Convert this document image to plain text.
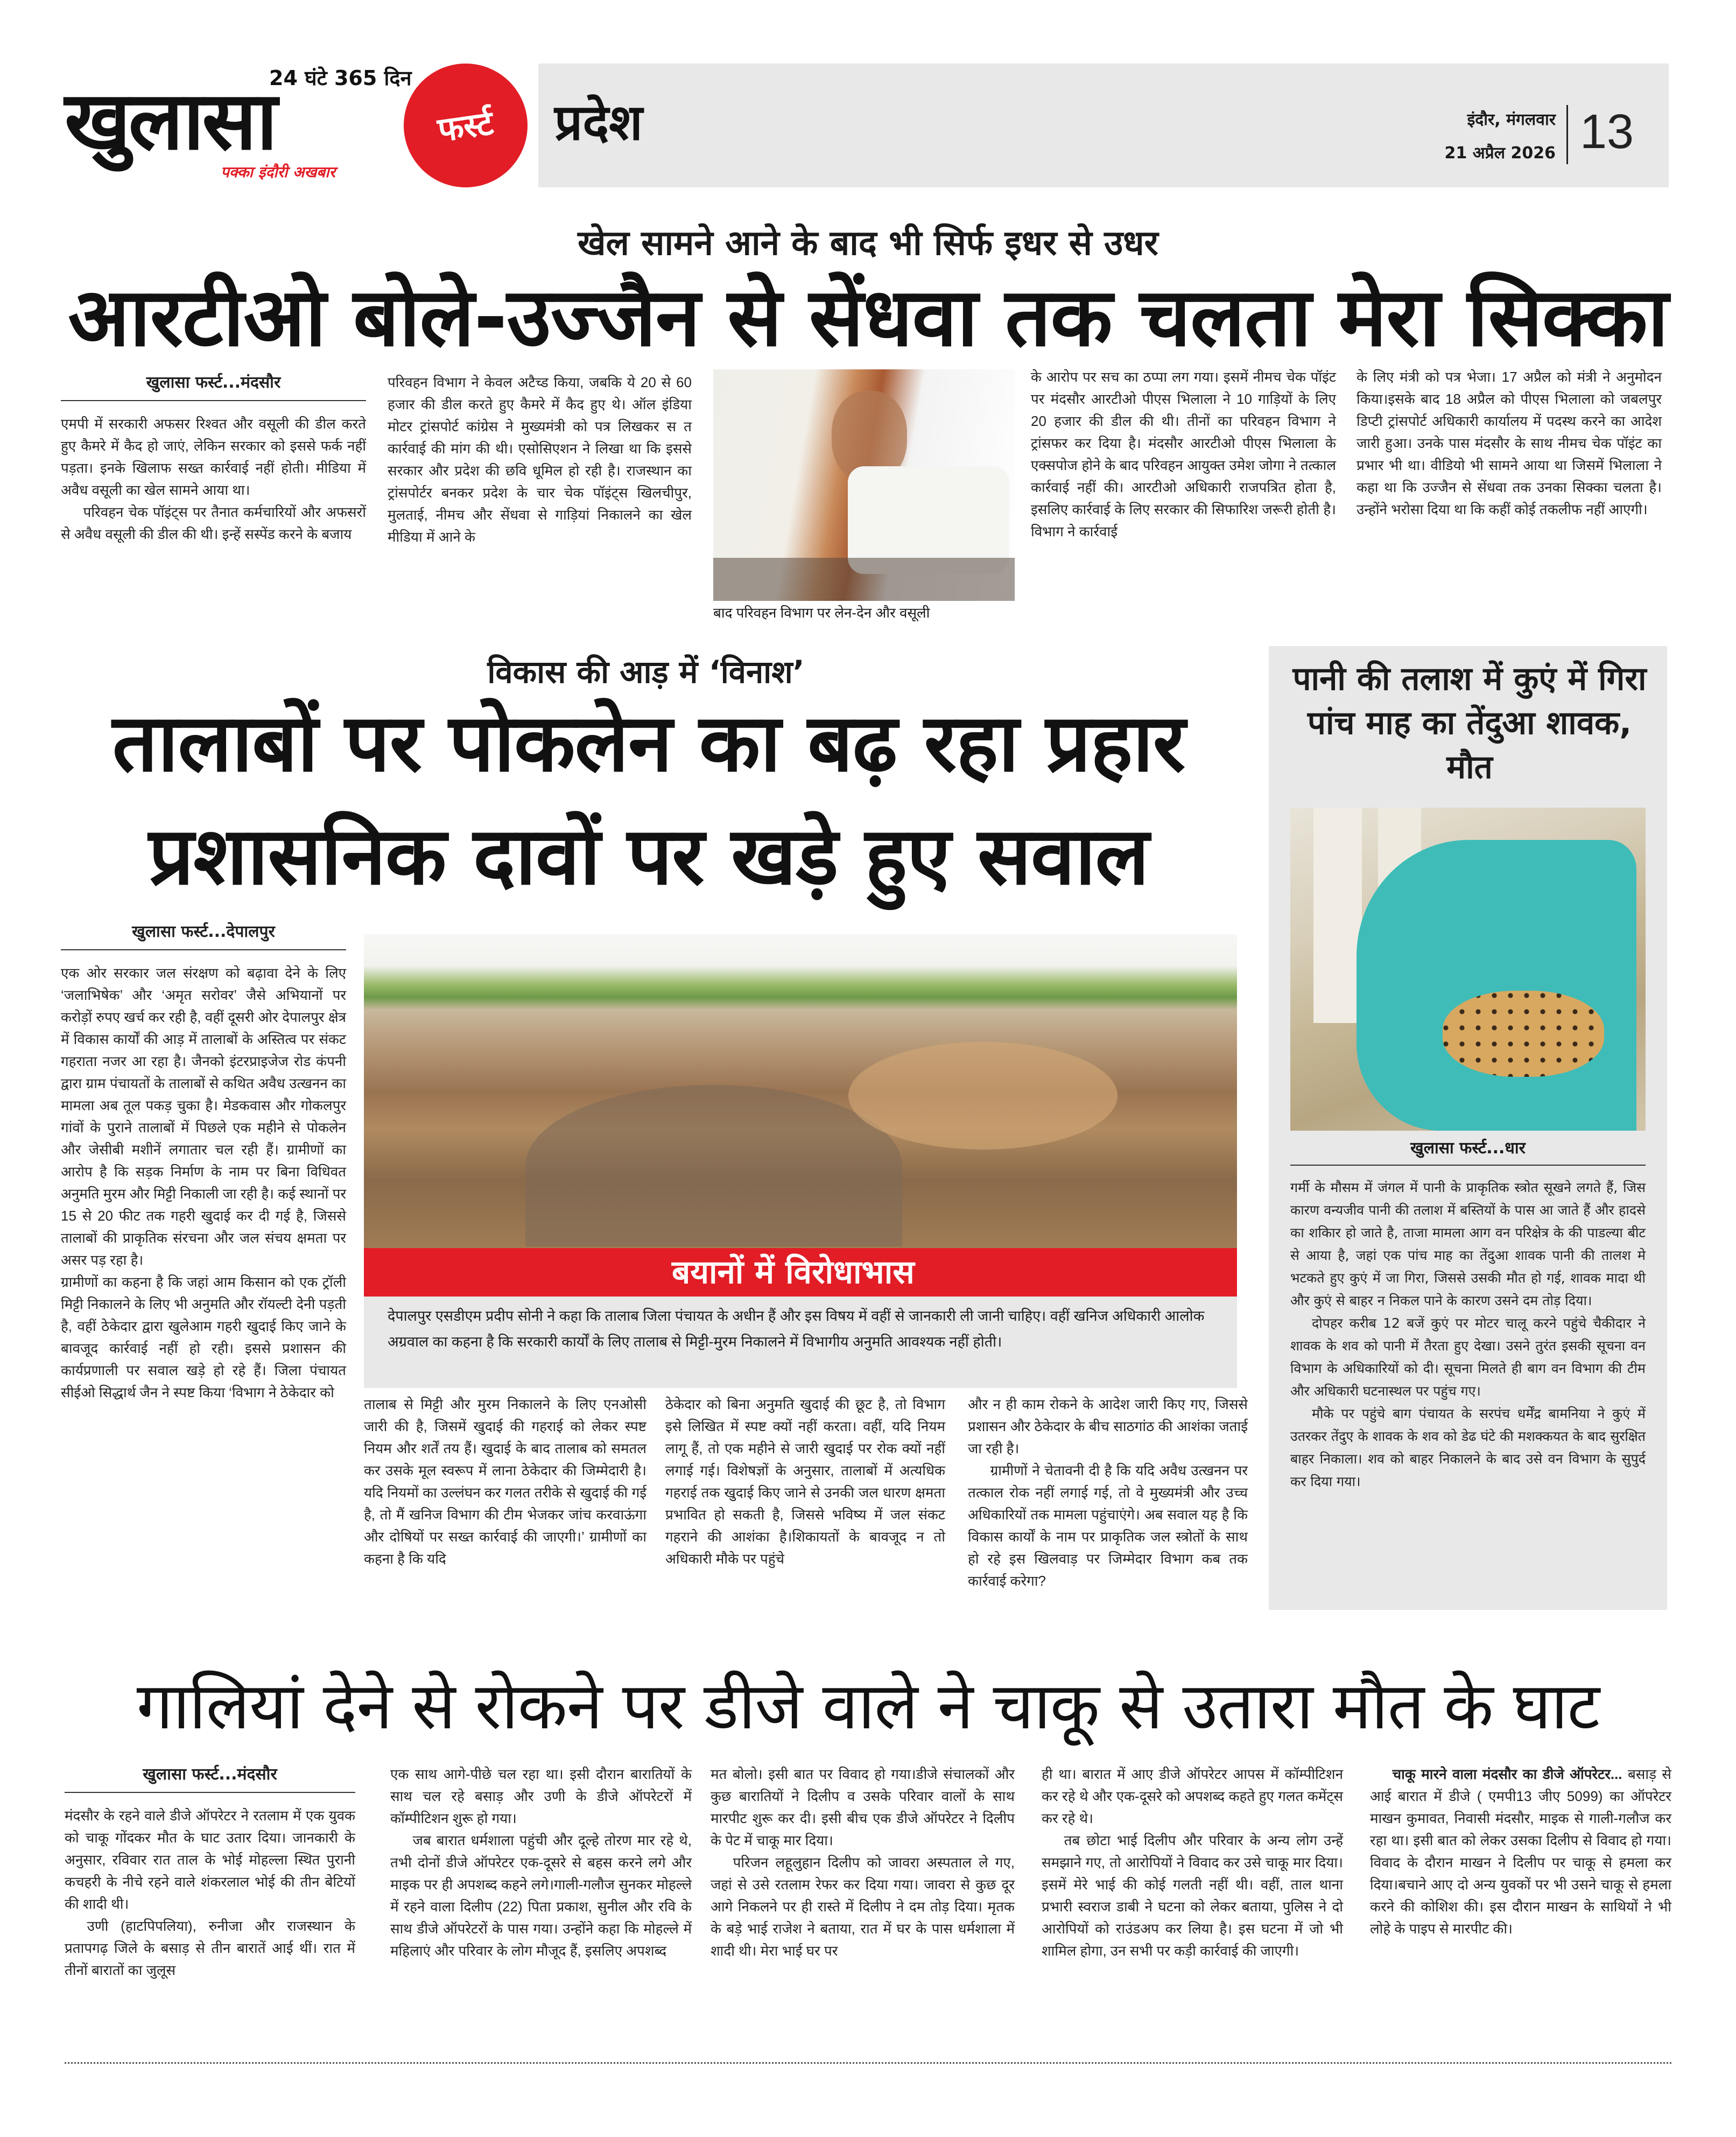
24 घंटे 365 दिन
खुलासा
पक्का इंदौरी अखबार
फर्स्ट प्रदेश	इंदौर, मंगलवार
21 अप्रैल 2026 13
खेल सामने आने के बाद भी सिर्फ इधर से उधर
आरटीओ बोले-उज्जैन से सेंधवा तक चलता मेरा सिक्का
खुलासा फर्स्ट...मंदसौर

एमपी में सरकारी अफसर रिश्वत और वसूली की डील करते हुए कैमरे में कैद हो जाएं, लेकिन सरकार को इससे फर्क नहीं पड़ता। इनके खिलाफ सख्त कार्रवाई नहीं होती। मीडिया में अवैध वसूली का खेल सामने आया था।

परिवहन चेक पॉइंट्स पर तैनात कर्मचारियों और अफसरों से अवैध वसूली की डील की थी। इन्हें सस्पेंड करने के बजाय

परिवहन विभाग ने केवल अटैच्ड किया, जबकि ये 20 से 60 हजार की डील करते हुए कैमरे में कैद हुए थे। ऑल इंडिया मोटर ट्रांसपोर्ट कांग्रेस ने मुख्यमंत्री को पत्र लिखकर स त कार्रवाई की मांग की थी। एसोसिएशन ने लिखा था कि इससे सरकार और प्रदेश की छवि धूमिल हो रही है। राजस्थान का ट्रांसपोर्टर बनकर प्रदेश के चार चेक पॉइंट्स खिलचीपुर, मुलताई, नीमच और सेंधवा से गाड़ियां निकालने का खेल मीडिया में आने के

बाद परिवहन विभाग पर लेन-देन और वसूली

के आरोप पर सच का ठप्पा लग गया। इसमें नीमच चेक पॉइंट पर मंदसौर आरटीओ पीएस भिलाला ने 10 गाड़ियों के लिए 20 हजार की डील की थी। तीनों का परिवहन विभाग ने ट्रांसफर कर दिया है। मंदसौर आरटीओ पीएस भिलाला के एक्सपोज होने के बाद परिवहन आयुक्त उमेश जोगा ने तत्काल कार्रवाई नहीं की। आरटीओ अधिकारी राजपत्रित होता है, इसलिए कार्रवाई के लिए सरकार की सिफारिश जरूरी होती है। विभाग ने कार्रवाई

के लिए मंत्री को पत्र भेजा। 17 अप्रैल को मंत्री ने अनुमोदन किया।इसके बाद 18 अप्रैल को पीएस भिलाला को जबलपुर डिप्टी ट्रांसपोर्ट अधिकारी कार्यालय में पदस्थ करने का आदेश जारी हुआ। उनके पास मंदसौर के साथ नीमच चेक पॉइंट का प्रभार भी था। वीडियो भी सामने आया था जिसमें भिलाला ने कहा था कि उज्जैन से सेंधवा तक उनका सिक्का चलता है। उन्होंने भरोसा दिया था कि कहीं कोई तकलीफ नहीं आएगी।

विकास की आड़ में ‘विनाश’
तालाबों पर पोकलेन का बढ़ रहा प्रहार
प्रशासनिक दावों पर खड़े हुए सवाल
खुलासा फर्स्ट...देपालपुर

एक ओर सरकार जल संरक्षण को बढ़ावा देने के लिए ‘जलाभिषेक’ और ‘अमृत सरोवर’ जैसे अभियानों पर करोड़ों रुपए खर्च कर रही है, वहीं दूसरी ओर देपालपुर क्षेत्र में विकास कार्यों की आड़ में तालाबों के अस्तित्व पर संकट गहराता नजर आ रहा है। जैनको इंटरप्राइजेज रोड कंपनी द्वारा ग्राम पंचायतों के तालाबों से कथित अवैध उत्खनन का मामला अब तूल पकड़ चुका है। मेडकवास और गोकलपुर गांवों के पुराने तालाबों में पिछले एक महीने से पोकलेन और जेसीबी मशीनें लगातार चल रही हैं। ग्रामीणों का आरोप है कि सड़क निर्माण के नाम पर बिना विधिवत अनुमति मुरम और मिट्टी निकाली जा रही है। कई स्थानों पर 15 से 20 फीट तक गहरी खुदाई कर दी गई है, जिससे तालाबों की प्राकृतिक संरचना और जल संचय क्षमता पर असर पड़ रहा है।

ग्रामीणों का कहना है कि जहां आम किसान को एक ट्रॉली मिट्टी निकालने के लिए भी अनुमति और रॉयल्टी देनी पड़ती है, वहीं ठेकेदार द्वारा खुलेआम गहरी खुदाई किए जाने के बावजूद कार्रवाई नहीं हो रही। इससे प्रशासन की कार्यप्रणाली पर सवाल खड़े हो रहे हैं। जिला पंचायत सीईओ सिद्धार्थ जैन ने स्पष्ट किया ‘विभाग ने ठेकेदार को

बयानों में विरोधाभास
देपालपुर एसडीएम प्रदीप सोनी ने कहा कि तालाब जिला पंचायत के अधीन हैं और इस विषय में वहीं से जानकारी ली जानी चाहिए। वहीं खनिज अधिकारी आलोक अग्रवाल का कहना है कि सरकारी कार्यों के लिए तालाब से मिट्टी-मुरम निकालने में विभागीय अनुमति आवश्यक नहीं होती।

तालाब से मिट्टी और मुरम निकालने के लिए एनओसी जारी की है, जिसमें खुदाई की गहराई को लेकर स्पष्ट नियम और शर्तें तय हैं। खुदाई के बाद तालाब को समतल कर उसके मूल स्वरूप में लाना ठेकेदार की जिम्मेदारी है। यदि नियमों का उल्लंघन कर गलत तरीके से खुदाई की गई है, तो मैं खनिज विभाग की टीम भेजकर जांच करवाऊंगा और दोषियों पर सख्त कार्रवाई की जाएगी।’ ग्रामीणों का कहना है कि यदि

ठेकेदार को बिना अनुमति खुदाई की छूट है, तो विभाग इसे लिखित में स्पष्ट क्यों नहीं करता। वहीं, यदि नियम लागू हैं, तो एक महीने से जारी खुदाई पर रोक क्यों नहीं लगाई गई। विशेषज्ञों के अनुसार, तालाबों में अत्यधिक गहराई तक खुदाई किए जाने से उनकी जल धारण क्षमता प्रभावित हो सकती है, जिससे भविष्य में जल संकट गहराने की आशंका है।शिकायतों के बावजूद न तो अधिकारी मौके पर पहुंचे

और न ही काम रोकने के आदेश जारी किए गए, जिससे प्रशासन और ठेकेदार के बीच साठगांठ की आशंका जताई जा रही है।

ग्रामीणों ने चेतावनी दी है कि यदि अवैध उत्खनन पर तत्काल रोक नहीं लगाई गई, तो वे मुख्यमंत्री और उच्च अधिकारियों तक मामला पहुंचाएंगे। अब सवाल यह है कि विकास कार्यों के नाम पर प्राकृतिक जल स्त्रोतों के साथ हो रहे इस खिलवाड़ पर जिम्मेदार विभाग कब तक कार्रवाई करेगा?

पानी की तलाश में कुएं में गिरा पांच माह का तेंदुआ शावक, मौत
खुलासा फर्स्ट...धार

गर्मी के मौसम में जंगल में पानी के प्राकृतिक स्त्रोत सूखने लगते हैं, जिस कारण वन्यजीव पानी की तलाश में बस्तियों के पास आ जाते हैं और हादसे का शकिार हो जाते है, ताजा मामला आग वन परिक्षेत्र के की पाडल्या बीट से आया है, जहां एक पांच माह का तेंदुआ शावक पानी की तालश मे भटकते हुए कुएं में जा गिरा, जिससे उसकी मौत हो गई, शावक मादा थी और कुएं से बाहर न निकल पाने के कारण उसने दम तोड़ दिया।

दोपहर करीब 12 बजें कुएं पर मोटर चालू करने पहुंचे चैकीदार ने शावक के शव को पानी में तैरता हुए देखा। उसने तुरंत इसकी सूचना वन विभाग के अधिकारियों को दी। सूचना मिलते ही बाग वन विभाग की टीम और अधिकारी घटनास्थल पर पहुंच गए।

मौके पर पहुंचे बाग पंचायत के सरपंच धर्मेंद्र बामनिया ने कुएं में उतरकर तेंदुए के शावक के शव को डेढ घंटे की मशक्कयत के बाद सुरक्षित बाहर निकाला। शव को बाहर निकालने के बाद उसे वन विभाग के सुपुर्द कर दिया गया।

गालियां देने से रोकने पर डीजे वाले ने चाकू से उतारा मौत के घाट
खुलासा फर्स्ट...मंदसौर

मंदसौर के रहने वाले डीजे ऑपरेटर ने रतलाम में एक युवक को चाकू गोंदकर मौत के घाट उतार दिया। जानकारी के अनुसार, रविवार रात ताल के भोई मोहल्ला स्थित पुरानी कचहरी के नीचे रहने वाले शंकरलाल भोई की तीन बेटियों की शादी थी।

उणी (हाटपिपलिया), रुनीजा और राजस्थान के प्रतापगढ़ जिले के बसाड़ से तीन बारातें आई थीं। रात में तीनों बारातों का जुलूस

एक साथ आगे-पीछे चल रहा था। इसी दौरान बारातियों के साथ चल रहे बसाड़ और उणी के डीजे ऑपरेटरों में कॉम्पीटिशन शुरू हो गया।

जब बारात धर्मशाला पहुंची और दूल्हे तोरण मार रहे थे, तभी दोनों डीजे ऑपरेटर एक-दूसरे से बहस करने लगे और माइक पर ही अपशब्द कहने लगे।गाली-गलौज सुनकर मोहल्ले में रहने वाला दिलीप (22) पिता प्रकाश, सुनील और रवि के साथ डीजे ऑपरेटरों के पास गया। उन्होंने कहा कि मोहल्ले में महिलाएं और परिवार के लोग मौजूद हैं, इसलिए अपशब्द

मत बोलो। इसी बात पर विवाद हो गया।डीजे संचालकों और कुछ बारातियों ने दिलीप व उसके परिवार वालों के साथ मारपीट शुरू कर दी। इसी बीच एक डीजे ऑपरेटर ने दिलीप के पेट में चाकू मार दिया।

परिजन लहूलुहान दिलीप को जावरा अस्पताल ले गए, जहां से उसे रतलाम रेफर कर दिया गया। जावरा से कुछ दूर आगे निकलने पर ही रास्ते में दिलीप ने दम तोड़ दिया। मृतक के बड़े भाई राजेश ने बताया, रात में घर के पास धर्मशाला में शादी थी। मेरा भाई घर पर

ही था। बारात में आए डीजे ऑपरेटर आपस में कॉम्पीटिशन कर रहे थे और एक-दूसरे को अपशब्द कहते हुए गलत कमेंट्स कर रहे थे।

तब छोटा भाई दिलीप और परिवार के अन्य लोग उन्हें समझाने गए, तो आरोपियों ने विवाद कर उसे चाकू मार दिया। इसमें मेरे भाई की कोई गलती नहीं थी। वहीं, ताल थाना प्रभारी स्वराज डाबी ने घटना को लेकर बताया, पुलिस ने दो आरोपियों को राउंडअप कर लिया है। इस घटना में जो भी शामिल होगा, उन सभी पर कड़ी कार्रवाई की जाएगी।

चाकू मारने वाला मंदसौर का डीजे ऑपरेटर... बसाड़ से आई बारात में डीजे ( एमपी13 जीए 5099) का ऑपरेटर माखन कुमावत, निवासी मंदसौर, माइक से गाली-गलौज कर रहा था। इसी बात को लेकर उसका दिलीप से विवाद हो गया। विवाद के दौरान माखन ने दिलीप पर चाकू से हमला कर दिया।बचाने आए दो अन्य युवकों पर भी उसने चाकू से हमला करने की कोशिश की। इस दौरान माखन के साथियों ने भी लोहे के पाइप से मारपीट की।
